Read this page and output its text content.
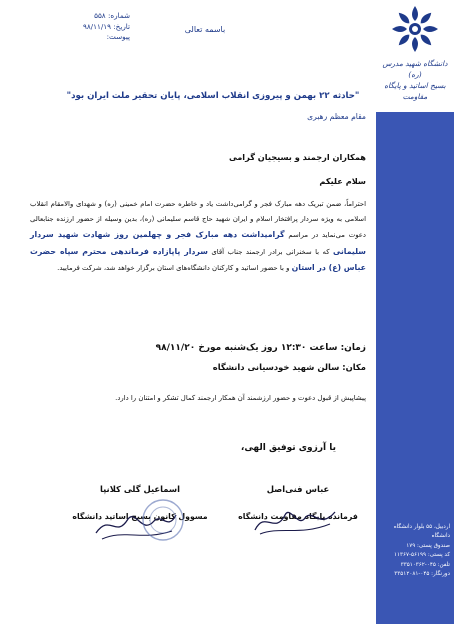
دانشگاه شهید مدرس (ره)
بسیج اساتید و پایگاه مقاومت
شماره: ۵۵۸
تاریخ: ۹۸/۱۱/۱۹
پیوست:
باسمه تعالی
"حادثه ۲۲ بهمن و پیروزی انقلاب اسلامی، پایان تحقیر ملت ایران بود"
مقام معظم رهبری
همکاران ارجمند و بسیجیان گرامی
سلام علیکم
احتراماً، ضمن تبریک دهه مبارک فجر و گرامی‌داشت یاد و خاطره حضرت امام خمینی (ره) و شهدای والامقام انقلاب اسلامی به ویژه سردار پرافتخار اسلام و ایران شهید حاج قاسم سلیمانی (ره)، بدین وسیله از حضور ارزنده جنابعالی دعوت می‌نماید در مراسم گرامیداشت دهه مبارک فجر و چهلمین روز شهادت شهید سردار سلیمانی که با سخنرانی برادر ارجمند جناب آقای سردار پاپازاده فرماندهی محترم سپاه حضرت عباس (ع) در استان و با حضور اساتید و کارکنان دانشگاه‌های استان برگزار خواهد شد، شرکت فرمایید.
زمان: ساعت ۱۲:۳۰ روز یک‌شنبه مورخ ۹۸/۱۱/۲۰
مکان: سالن شهید خودسیانی دانشگاه
پیشاپیش از قبول دعوت و حضور ارزشمند آن همکار ارجمند کمال تشکر و امتنان را دارد.
یا آرزوی توفیق الهی،
عباس فنی‌اصل
فرمانده پایگاه مقاومت دانشگاه
اسماعیل گلی کلانپا
مسوول کانون بسیج اساتید دانشگاه
اردبیل، ۵۵ بلوار دانشگاه
دانشگاه
صندوق پستی: ۱۷۹
کد پستی: ۵۶۱۹۹-۱۱۳۶۷
تلفن: ۰۴۵-۳۳۵۱۰۳۶۲
دورنگار: ۰۴۵-۳۳۵۱۲۰۸۱
